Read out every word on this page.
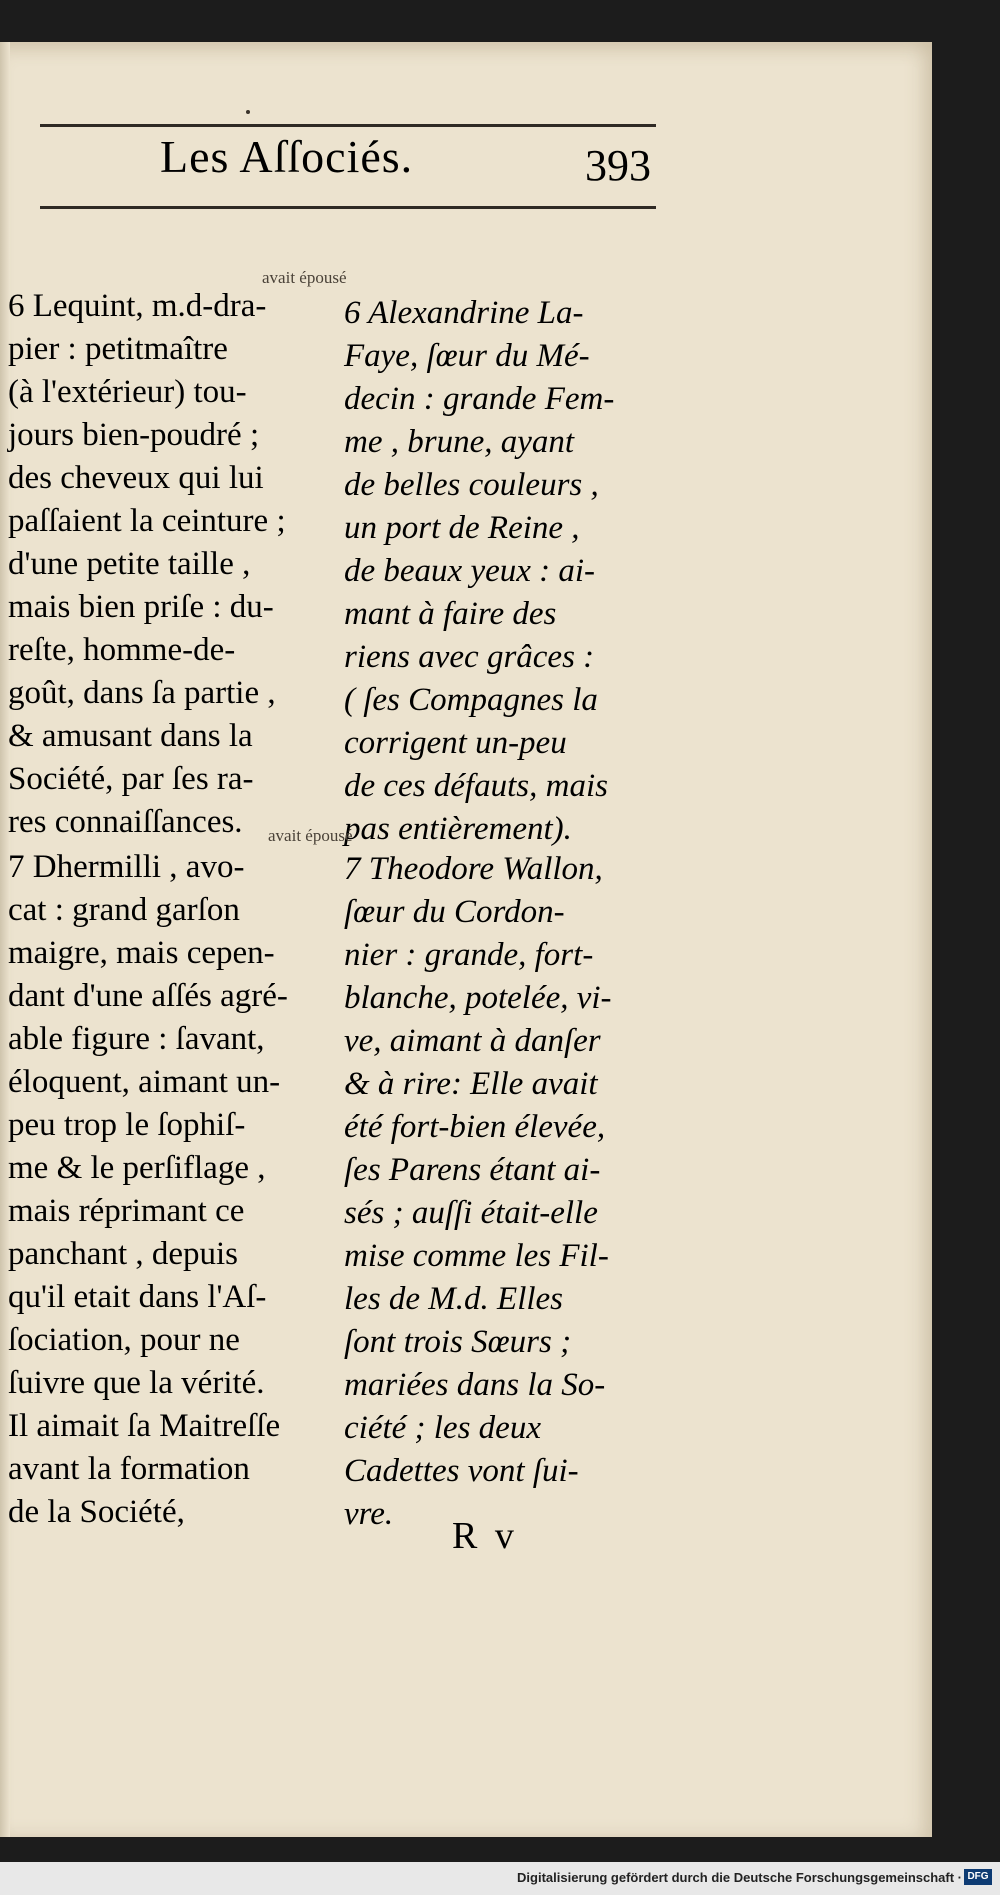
Les Aſſociés.	393
avait épousé
6 Lequint, m.d-dra-
pier : petitmaître
(à l'extérieur) tou-
jours bien-poudré ;
des cheveux qui lui
paſſaient la ceinture ;
d'une petite taille ,
mais bien priſe : du-
reſte, homme-de-
goût, dans ſa partie ,
& amusant dans la
Société, par ſes ra-
res connaiſſances.
6 Alexandrine La-
Faye, ſœur du Mé-
decin : grande Fem-
me , brune, ayant
de belles couleurs ,
un port de Reine ,
de beaux yeux : ai-
mant à faire des
riens avec grâces :
( ſes Compagnes la
corrigent un-peu
de ces défauts, mais
pas entièrement).
avait épousé
7 Dhermilli , avo-
cat : grand garſon
maigre, mais cepen-
dant d'une aſſés agré-
able figure : ſavant,
éloquent, aimant un-
peu trop le ſophiſ-
me & le perſiflage ,
mais réprimant ce
panchant , depuis
qu'il etait dans l'Aſ-
ſociation, pour ne
ſuivre que la vérité.
Il aimait ſa Maitreſſe
avant la formation
de la Société,
7 Theodore Wallon,
ſœur du Cordon-
nier : grande, fort-
blanche, potelée, vi-
ve, aimant à danſer
& à rire: Elle avait
été fort-bien élevée,
ſes Parens étant ai-
sés ; auſſi était-elle
mise comme les Fil-
les de M.d. Elles
ſont trois Sœurs ;
mariées dans la So-
ciété ; les deux
Cadettes vont ſui-
vre.
R v
Digitalisierung gefördert durch die Deutsche Forschungsgemeinschaft · DFG
